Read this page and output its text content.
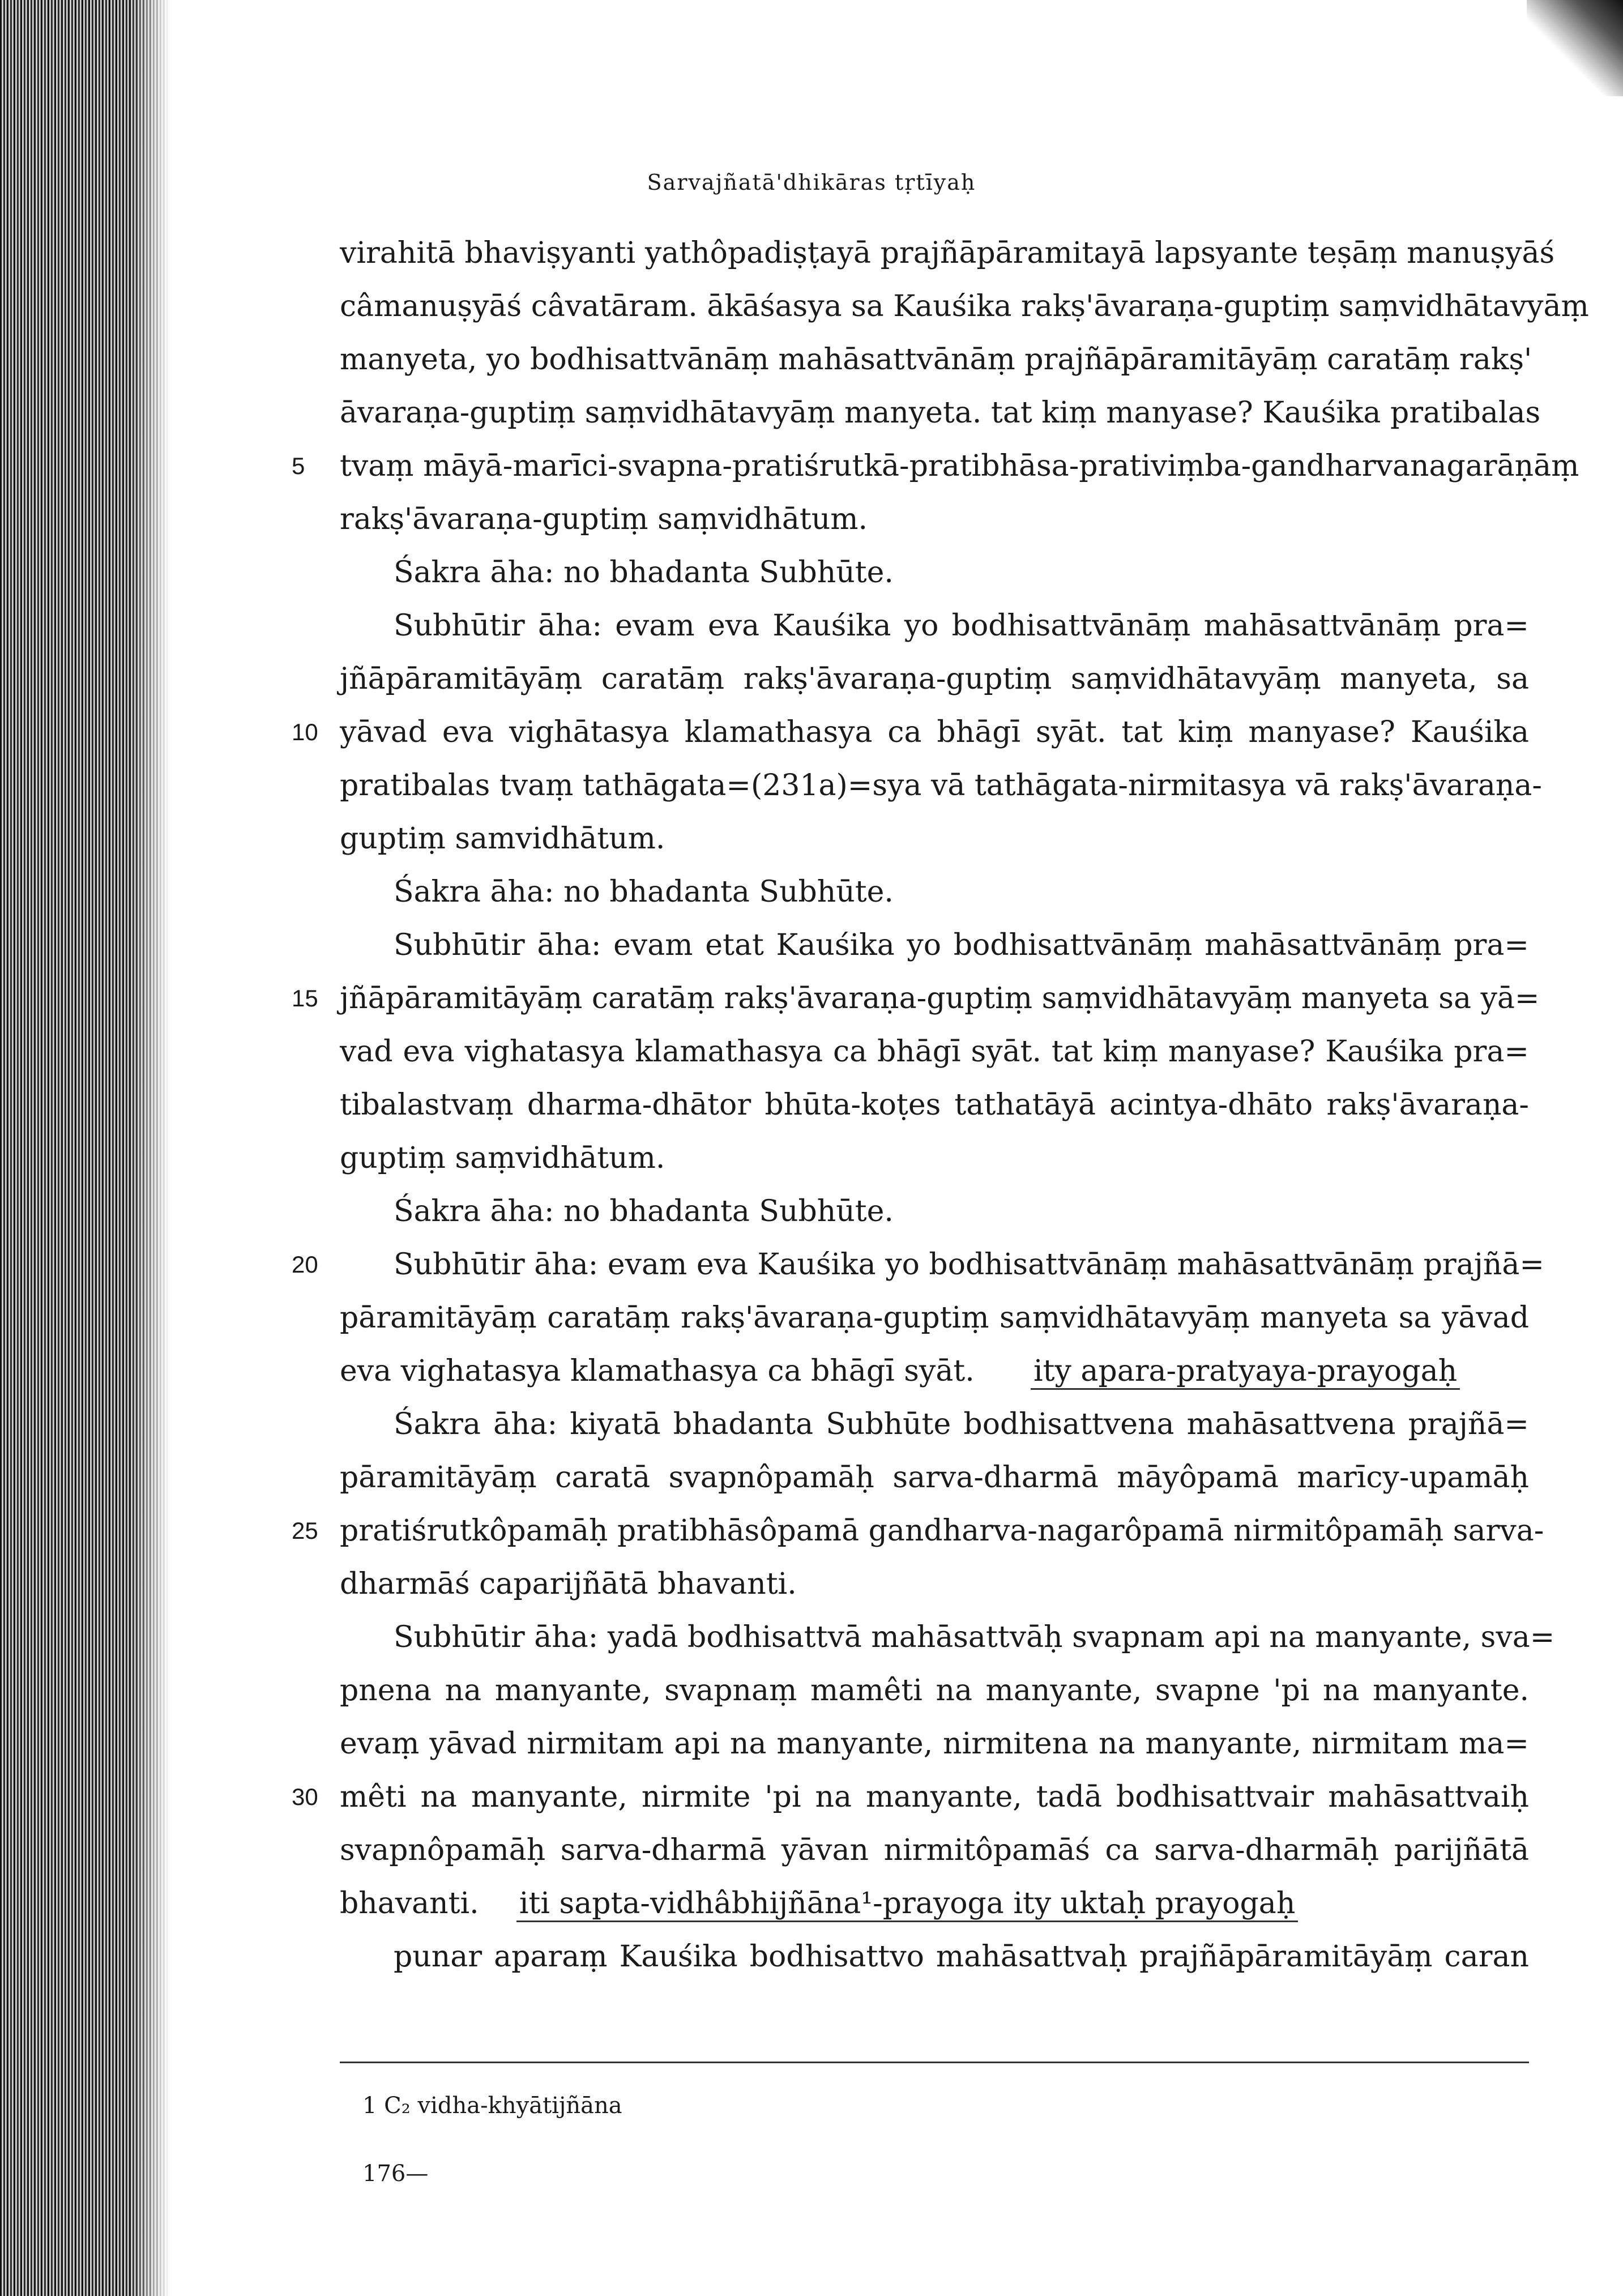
Sarvajñatā'dhikāras tṛtīyaḥ
virahitā bhaviṣyanti yathôpadiṣṭayā prajñāpāramitayā lapsyante teṣāṃ manuṣyāś
câmanuṣyāś câvatāram. ākāśasya sa Kauśika rakṣ'āvaraṇa-guptiṃ saṃvidhātavyāṃ
manyeta, yo bodhisattvānāṃ mahāsattvānāṃ prajñāpāramitāyāṃ caratāṃ rakṣ'
āvaraṇa-guptiṃ saṃvidhātavyāṃ manyeta. tat kiṃ manyase? Kauśika pratibalas
5 tvaṃ māyā-marīci-svapna-pratiśrutkā-pratibhāsa-prativiṃba-gandharvanagarāṇāṃ
rakṣ'āvaraṇa-guptiṃ saṃvidhātum.
Śakra āha: no bhadanta Subhūte.
Subhūtir āha: evam eva Kauśika yo bodhisattvānāṃ mahāsattvānāṃ pra=
jñāpāramitāyāṃ caratāṃ rakṣ'āvaraṇa-guptiṃ saṃvidhātavyāṃ manyeta, sa
10 yāvad eva vighātasya klamathasya ca bhāgī syāt. tat kiṃ manyase? Kauśika
pratibalas tvaṃ tathāgata=(231a)=sya vā tathāgata-nirmitasya vā rakṣ'āvaraṇa-
guptiṃ samvidhātum.
Śakra āha: no bhadanta Subhūte.
Subhūtir āha: evam etat Kauśika yo bodhisattvānāṃ mahāsattvānāṃ pra=
15 jñāpāramitāyāṃ caratāṃ rakṣ'āvaraṇa-guptiṃ saṃvidhātavyāṃ manyeta sa yā=
vad eva vighatasya klamathasya ca bhāgī syāt. tat kiṃ manyase? Kauśika pra=
tibalastvaṃ dharma-dhātor bhūta-koṭes tathatāyā acintya-dhāto rakṣ'āvaraṇa-
guptiṃ saṃvidhātum.
Śakra āha: no bhadanta Subhūte.
20	Subhūtir āha: evam eva Kauśika yo bodhisattvānāṃ mahāsattvānāṃ prajñā=
pāramitāyāṃ caratāṃ rakṣ'āvaraṇa-guptiṃ saṃvidhātavyāṃ manyeta sa yāvad
eva vighatasya klamathasya ca bhāgī syāt. ity apara-pratyaya-prayogaḥ
Śakra āha: kiyatā bhadanta Subhūte bodhisattvena mahāsattvena prajñā=
pāramitāyāṃ caratā svapnôpamāḥ sarva-dharmā māyôpamā marīcy-upamāḥ
25 pratiśrutkôpamāḥ pratibhāsôpamā gandharva-nagarôpamā nirmitôpamāḥ sarva-
dharmāś caparijñātā bhavanti.
Subhūtir āha: yadā bodhisattvā mahāsattvāḥ svapnam api na manyante, sva=
pnena na manyante, svapnaṃ mamêti na manyante, svapne 'pi na manyante.
evaṃ yāvad nirmitam api na manyante, nirmitena na manyante, nirmitam ma=
30 mêti na manyante, nirmite 'pi na manyante, tadā bodhisattvair mahāsattvaiḥ
svapnôpamāḥ sarva-dharmā yāvan nirmitôpamāś ca sarva-dharmāḥ parijñātā
bhavanti. iti sapta-vidhâbhijñāna¹-prayoga ity uktaḥ prayogaḥ
punar aparaṃ Kauśika bodhisattvo mahāsattvaḥ prajñāpāramitāyāṃ caran
1 C₂ vidha-khyātijñāna
176—
